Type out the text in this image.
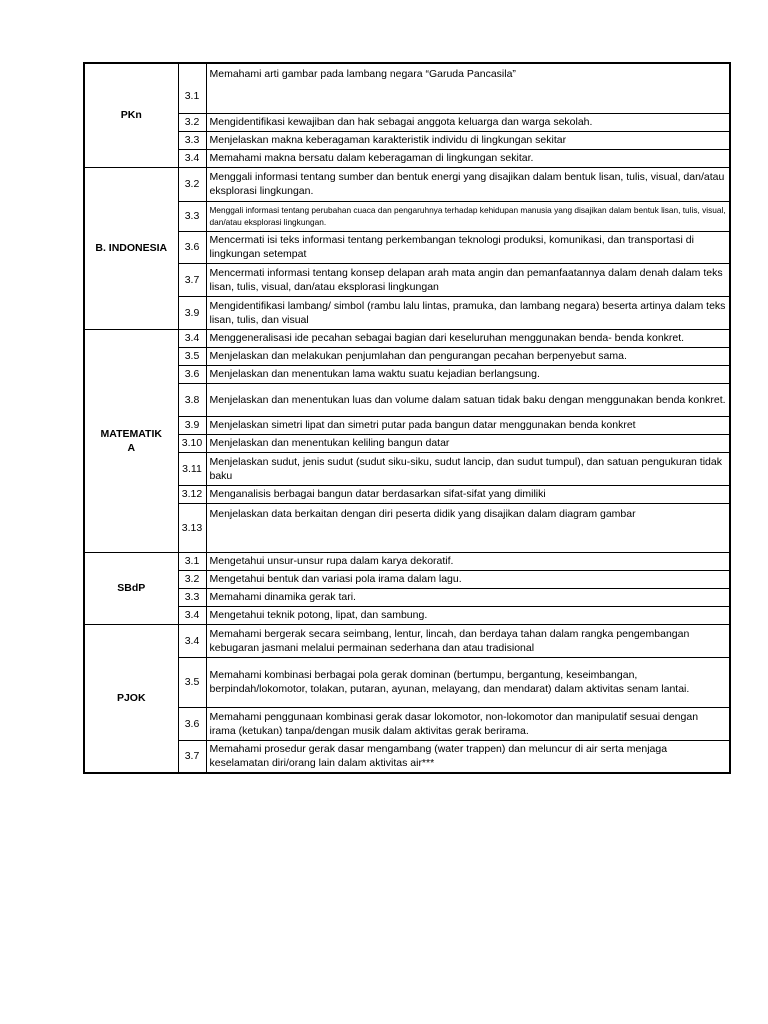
PKn	3.1	Memahami arti gambar pada lambang negara “Garuda Pancasila”
	3.2	Mengidentifikasi kewajiban dan hak sebagai anggota keluarga dan warga sekolah.
	3.3	Menjelaskan makna keberagaman karakteristik individu di lingkungan sekitar
	3.4	Memahami makna bersatu dalam keberagaman di lingkungan sekitar.
B. INDONESIA	3.2	Menggali informasi tentang sumber dan bentuk energi yang disajikan dalam bentuk lisan, tulis, visual, dan/atau eksplorasi lingkungan.
	3.3	Menggali informasi tentang perubahan cuaca dan pengaruhnya terhadap kehidupan manusia yang disajikan dalam bentuk lisan, tulis, visual, dan/atau eksplorasi lingkungan.
	3.6	Mencermati isi teks informasi tentang perkembangan teknologi produksi, komunikasi, dan transportasi di lingkungan setempat
	3.7	Mencermati informasi tentang konsep delapan arah mata angin dan pemanfaatannya dalam denah dalam teks lisan, tulis, visual, dan/atau eksplorasi lingkungan
	3.9	Mengidentifikasi lambang/ simbol (rambu lalu lintas, pramuka, dan lambang negara) beserta artinya dalam teks lisan, tulis, dan visual
MATEMATIK
A	3.4	Menggeneralisasi ide pecahan sebagai bagian dari keseluruhan menggunakan benda- benda konkret.
	3.5	Menjelaskan dan melakukan penjumlahan dan pengurangan pecahan berpenyebut sama.
	3.6	Menjelaskan dan menentukan lama waktu suatu kejadian berlangsung.
	3.8	Menjelaskan dan menentukan luas dan volume dalam satuan tidak baku dengan menggunakan benda konkret.
	3.9	Menjelaskan simetri lipat dan simetri putar pada bangun datar menggunakan benda konkret
	3.10	Menjelaskan dan menentukan keliling bangun datar
	3.11	Menjelaskan sudut, jenis sudut (sudut siku-siku, sudut lancip, dan sudut tumpul), dan satuan pengukuran tidak baku
	3.12	Menganalisis berbagai bangun datar berdasarkan sifat-sifat yang dimiliki
	3.13	Menjelaskan data berkaitan dengan diri peserta didik yang disajikan dalam diagram gambar
SBdP	3.1	Mengetahui unsur-unsur rupa dalam karya dekoratif.
	3.2	Mengetahui bentuk dan variasi pola irama dalam lagu.
	3.3	Memahami dinamika gerak tari.
	3.4	Mengetahui teknik potong, lipat, dan sambung.
PJOK	3.4	Memahami bergerak secara seimbang, lentur, lincah, dan berdaya tahan dalam rangka pengembangan kebugaran jasmani melalui permainan sederhana dan atau tradisional
	3.5	Memahami kombinasi berbagai pola gerak dominan (bertumpu, bergantung, keseimbangan, berpindah/lokomotor, tolakan, putaran, ayunan, melayang, dan mendarat) dalam aktivitas senam lantai.
	3.6	Memahami penggunaan kombinasi gerak dasar lokomotor, non-lokomotor dan manipulatif sesuai dengan irama (ketukan) tanpa/dengan musik dalam aktivitas gerak berirama.
	3.7	Memahami prosedur gerak dasar mengambang (water trappen) dan meluncur di air serta menjaga keselamatan diri/orang lain dalam aktivitas air***
